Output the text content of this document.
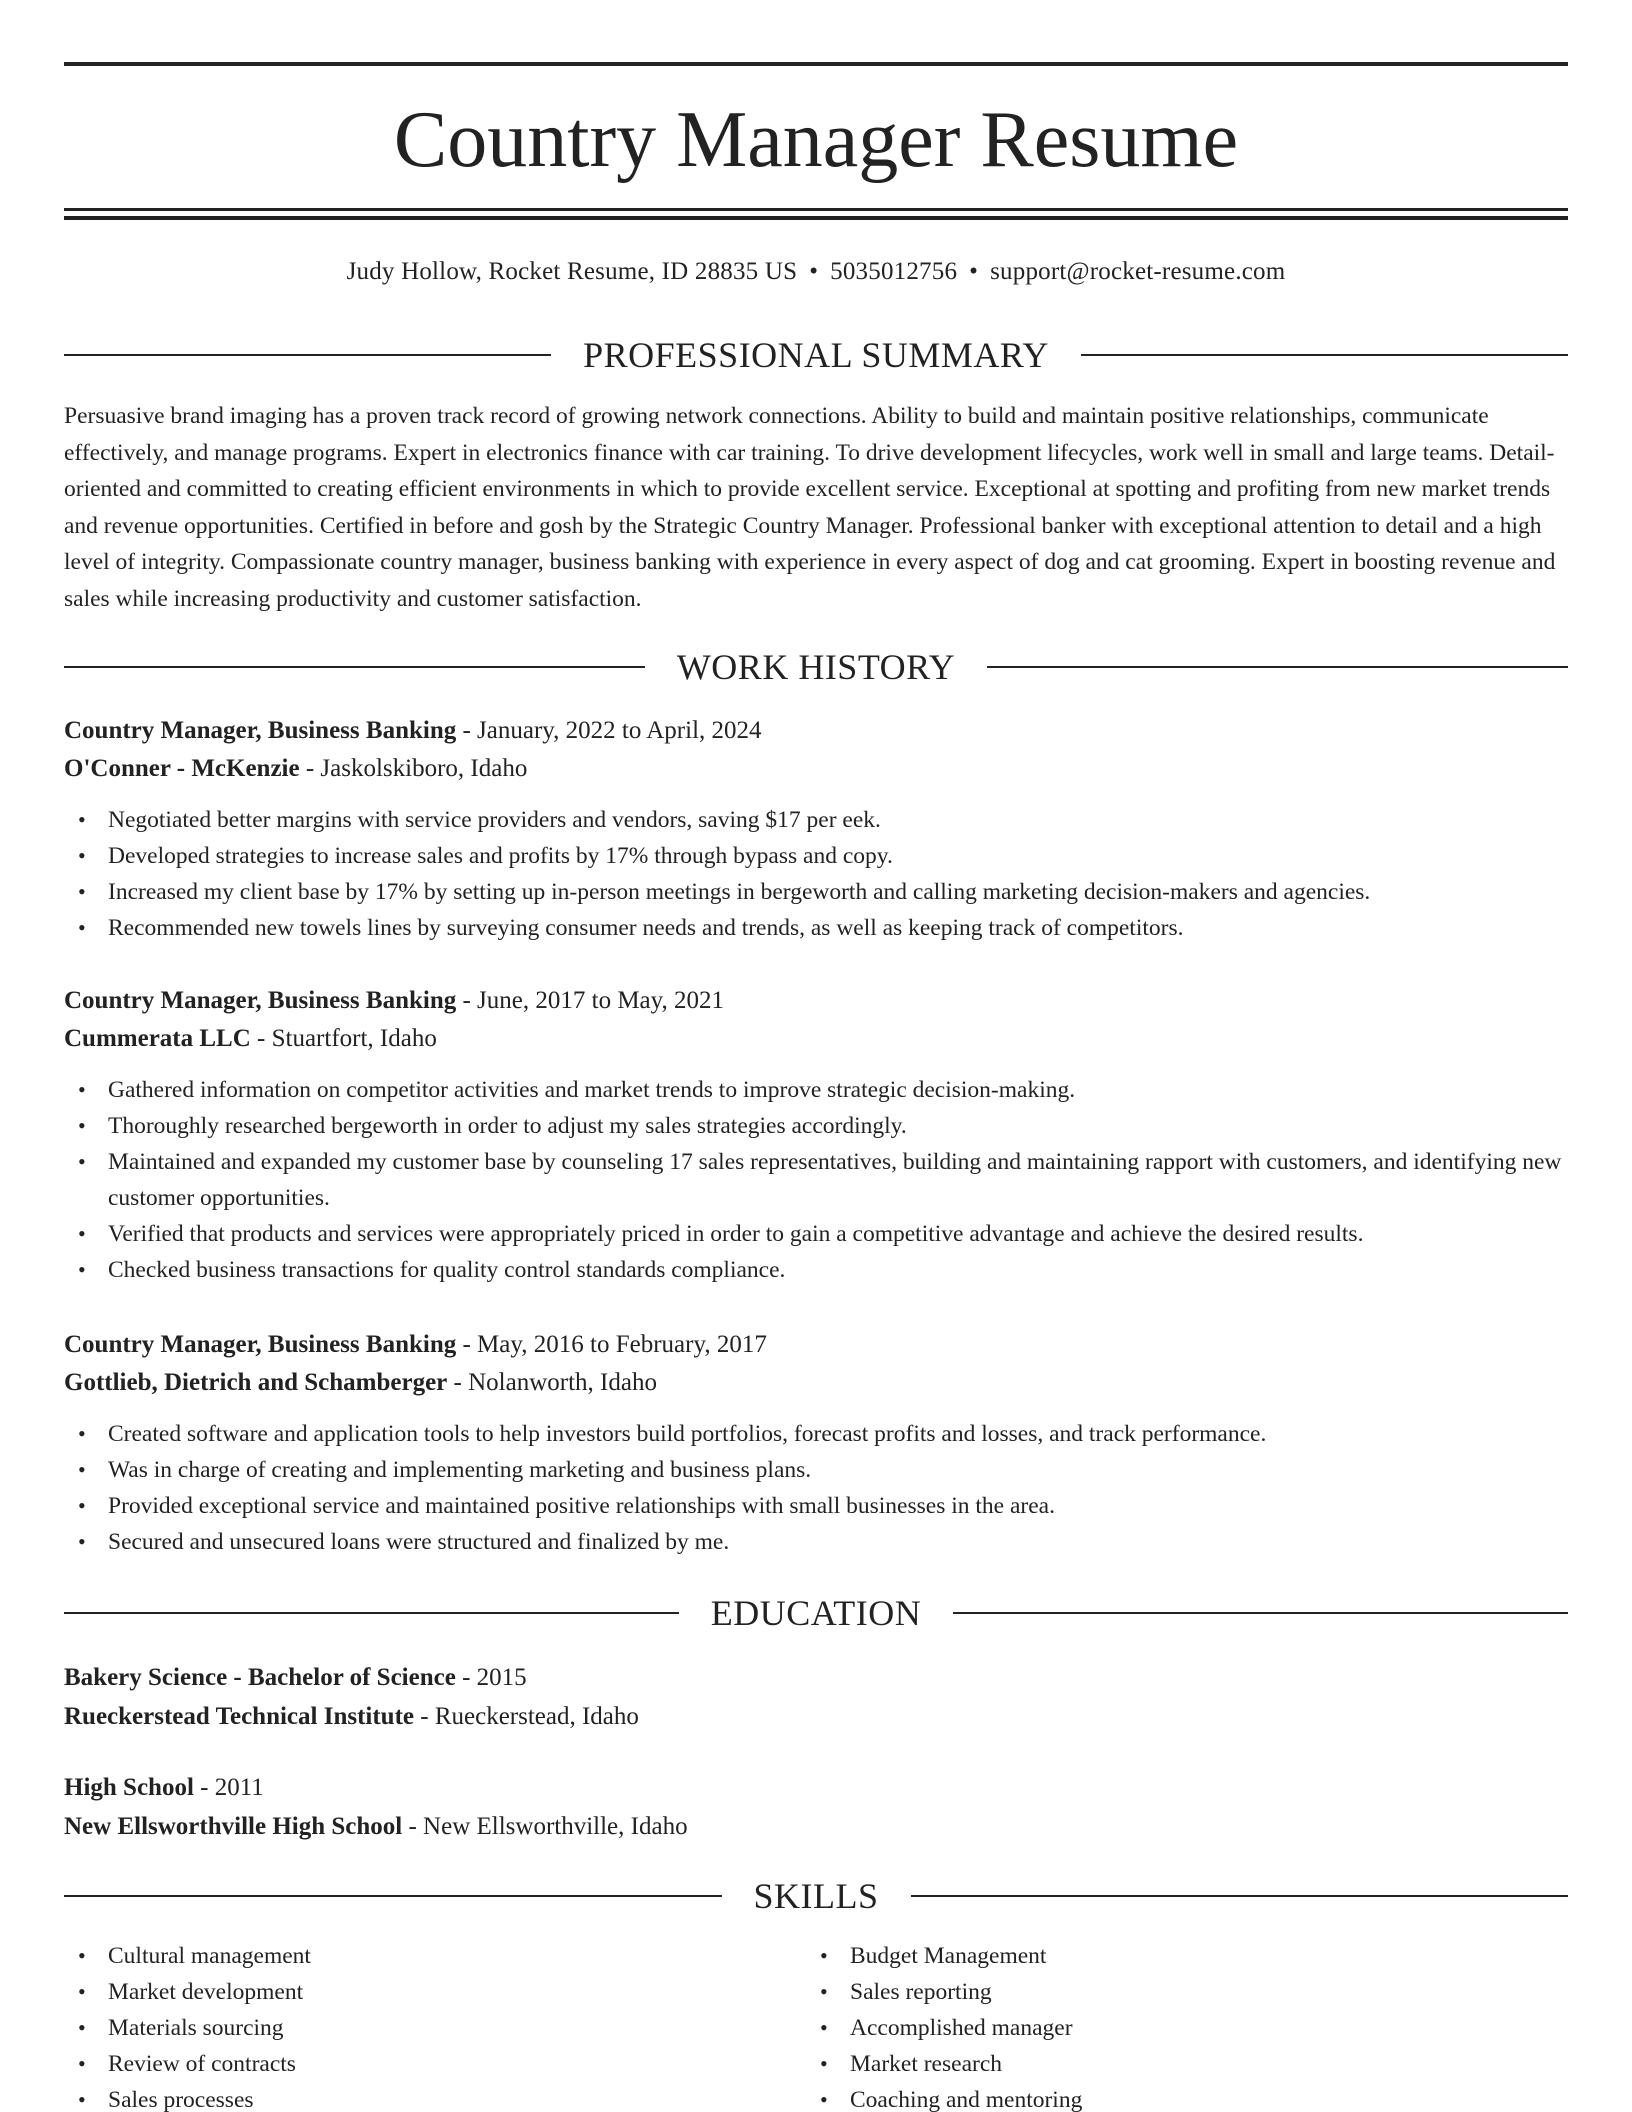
Country Manager Resume
Judy Hollow, Rocket Resume, ID 28835 US • 5035012756 • support@rocket-resume.com
PROFESSIONAL SUMMARY

Persuasive brand imaging has a proven track record of growing network connections. Ability to build and maintain positive relationships, communicate effectively, and manage programs. Expert in electronics finance with car training. To drive development lifecycles, work well in small and large teams. Detail-oriented and committed to creating efficient environments in which to provide excellent service. Exceptional at spotting and profiting from new market trends and revenue opportunities. Certified in before and gosh by the Strategic Country Manager. Professional banker with exceptional attention to detail and a high level of integrity. Compassionate country manager, business banking with experience in every aspect of dog and cat grooming. Expert in boosting revenue and sales while increasing productivity and customer satisfaction.

WORK HISTORY
Country Manager, Business Banking - January, 2022 to April, 2024
O'Conner - McKenzie - Jaskolskiboro, Idaho
• Negotiated better margins with service providers and vendors, saving $17 per eek.
• Developed strategies to increase sales and profits by 17% through bypass and copy.
• Increased my client base by 17% by setting up in-person meetings in bergeworth and calling marketing decision-makers and agencies.
• Recommended new towels lines by surveying consumer needs and trends, as well as keeping track of competitors.
Country Manager, Business Banking - June, 2017 to May, 2021
Cummerata LLC - Stuartfort, Idaho
• Gathered information on competitor activities and market trends to improve strategic decision-making.
• Thoroughly researched bergeworth in order to adjust my sales strategies accordingly.
• Maintained and expanded my customer base by counseling 17 sales representatives, building and maintaining rapport with customers, and identifying new customer opportunities.
• Verified that products and services were appropriately priced in order to gain a competitive advantage and achieve the desired results.
• Checked business transactions for quality control standards compliance.
Country Manager, Business Banking - May, 2016 to February, 2017
Gottlieb, Dietrich and Schamberger - Nolanworth, Idaho
• Created software and application tools to help investors build portfolios, forecast profits and losses, and track performance.
• Was in charge of creating and implementing marketing and business plans.
• Provided exceptional service and maintained positive relationships with small businesses in the area.
• Secured and unsecured loans were structured and finalized by me.
EDUCATION
Bakery Science - Bachelor of Science - 2015
Rueckerstead Technical Institute - Rueckerstead, Idaho
High School - 2011
New Ellsworthville High School - New Ellsworthville, Idaho
SKILLS
• Cultural management
• Market development
• Materials sourcing
• Review of contracts
• Sales processes
• Budget Management
• Sales reporting
• Accomplished manager
• Market research
• Coaching and mentoring
